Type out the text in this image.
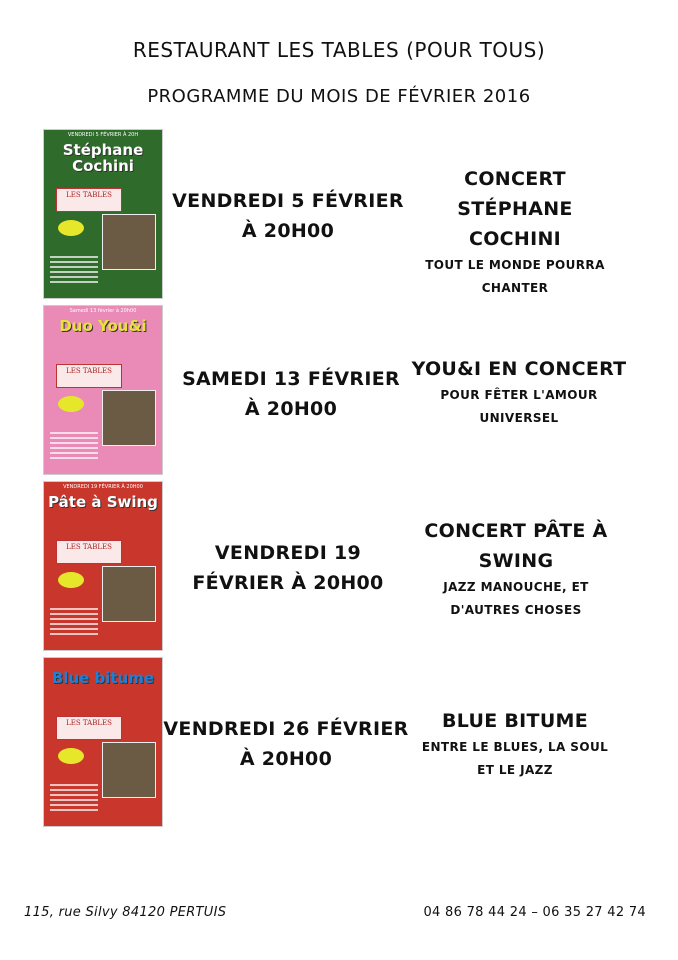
RESTAURANT LES TABLES (POUR TOUS)
PROGRAMME DU MOIS DE FÉVRIER 2016
VENDREDI 5 FÉVRIER À 20H
Stéphane Cochini
LES TABLES	VENDREDI 5 FÉVRIER À 20H00
CONCERT STÉPHANE COCHINI
TOUT LE MONDE POURRA CHANTER
Samedi 13 février à 20h00
Duo You&i
LES TABLES	SAMEDI 13 FÉVRIER À 20H00
YOU&I EN CONCERT
POUR FÊTER L'AMOUR UNIVERSEL
VENDREDI 19 FÉVRIER À 20H00
Pâte à Swing
LES TABLES	VENDREDI 19 FÉVRIER À 20H00
CONCERT PÂTE À SWING
JAZZ MANOUCHE, ET D'AUTRES CHOSES
Blue bitume
LES TABLES	VENDREDI 26 FÉVRIER À 20H00
BLUE BITUME
ENTRE LE BLUES, LA SOUL ET LE JAZZ
115, rue Silvy 84120 PERTUIS	04 86 78 44 24 – 06 35 27 42 74
